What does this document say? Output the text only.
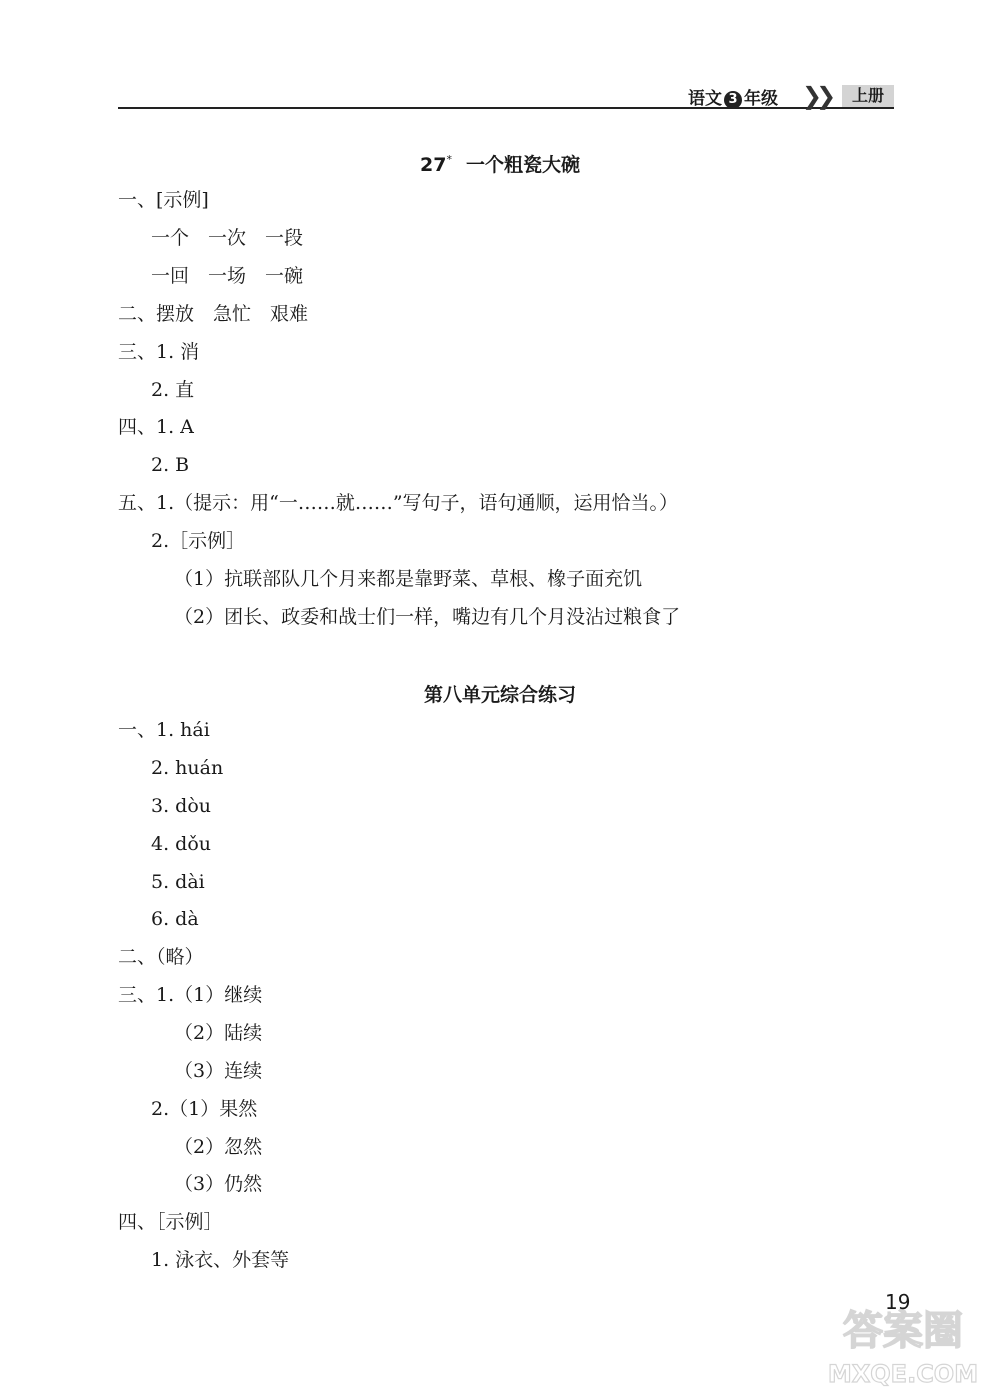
语文 3 年级 ❯❯	上册
27* 一个粗瓷大碗
一、[示例]
一个　一次　一段
一回　一场　一碗
二、摆放　急忙　艰难
三、1. 消
2. 直
四、1. A
2. B
五、1.（提示：用“一……就……”写句子，语句通顺，运用恰当。）
2.［示例］
（1）抗联部队几个月来都是靠野菜、草根、橡子面充饥
（2）团长、政委和战士们一样，嘴边有几个月没沾过粮食了
第八单元综合练习
一、1. hái
2. huán
3. dòu
4. dǒu
5. dài
6. dà
二、（略）
三、1.（1）继续
（2）陆续
（3）连续
2.（1）果然
（2）忽然
（3）仍然
四、［示例］
1. 泳衣、外套等
19
答案圈
MXQE.COM
